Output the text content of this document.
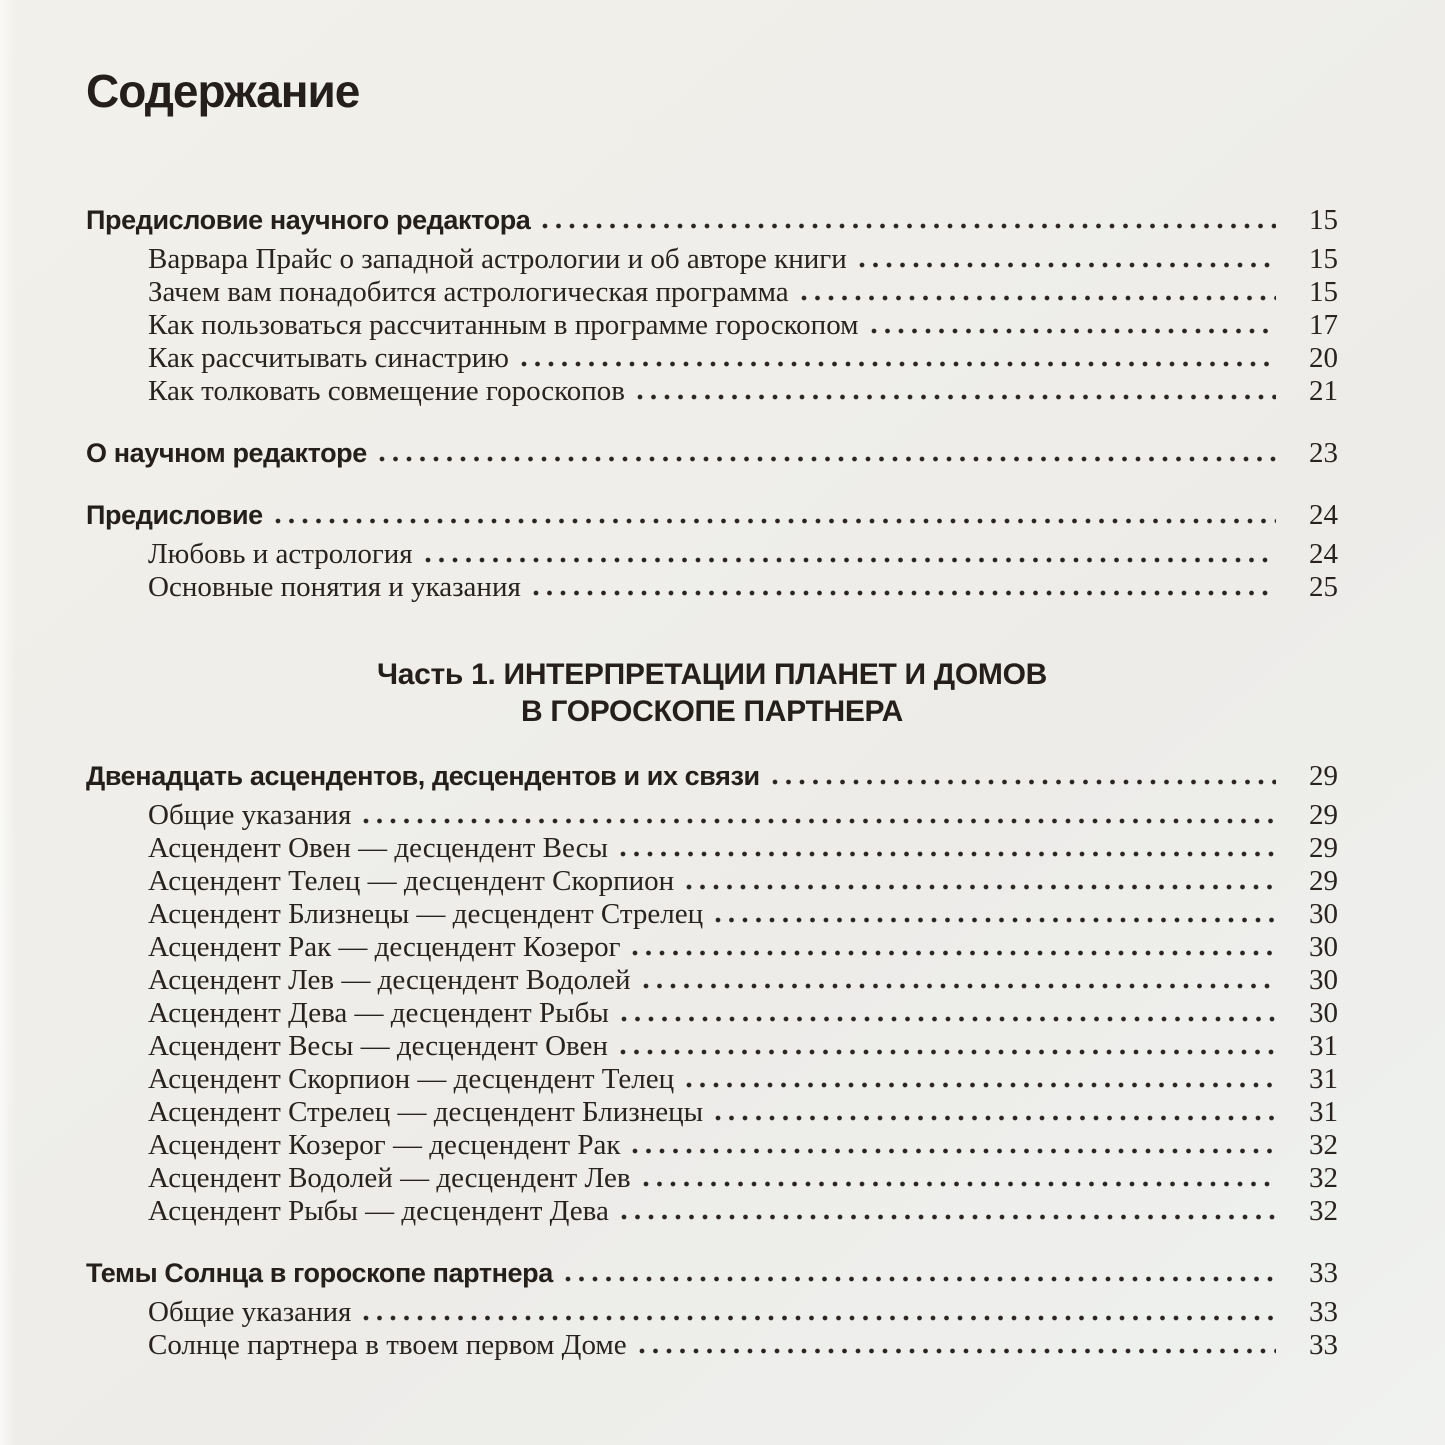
Содержание
Предисловие научного редактора	15
Варвара Прайс о западной астрологии и об авторе книги	15
Зачем вам понадобится астрологическая программа	15
Как пользоваться рассчитанным в программе гороскопом	17
Как рассчитывать синастрию	20
Как толковать совмещение гороскопов	21
О научном редакторе	23
Предисловие	24
Любовь и астрология	24
Основные понятия и указания	25
Часть 1. ИНТЕРПРЕТАЦИИ ПЛАНЕТ И ДОМОВ
В ГОРОСКОПЕ ПАРТНЕРА
Двенадцать асцендентов, десцендентов и их связи	29
Общие указания	29
Асцендент Овен — десцендент Весы	29
Асцендент Телец — десцендент Скорпион	29
Асцендент Близнецы — десцендент Стрелец	30
Асцендент Рак — десцендент Козерог	30
Асцендент Лев — десцендент Водолей	30
Асцендент Дева — десцендент Рыбы	30
Асцендент Весы — десцендент Овен	31
Асцендент Скорпион — десцендент Телец	31
Асцендент Стрелец — десцендент Близнецы	31
Асцендент Козерог — десцендент Рак	32
Асцендент Водолей — десцендент Лев	32
Асцендент Рыбы — десцендент Дева	32
Темы Солнца в гороскопе партнера	33
Общие указания	33
Солнце партнера в твоем первом Доме	33
